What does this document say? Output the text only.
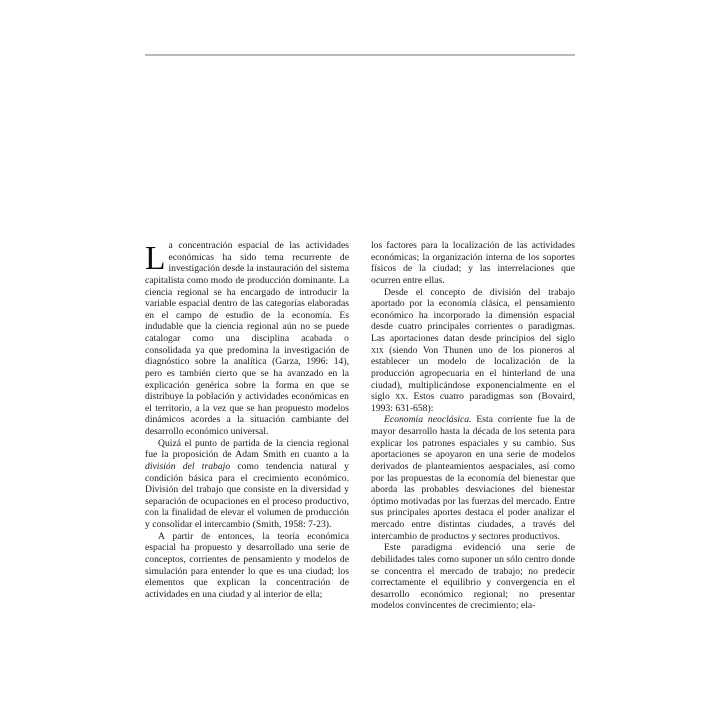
La concentración espacial de las actividades económicas ha sido tema recurrente de investigación desde la instauración del sistema capitalista como modo de producción dominante. La ciencia regional se ha encargado de introducir la variable espacial dentro de las categorías elaboradas en el campo de estudio de la economía. Es indudable que la ciencia regional aún no se puede catalogar como una disciplina acabada o consolidada ya que predomina la investigación de diagnóstico sobre la analítica (Garza, 1996: 14), pero es también cierto que se ha avanzado en la explicación genérica sobre la forma en que se distribuye la población y actividades económicas en el territorio, a la vez que se han propuesto modelos dinámicos acordes a la situación cambiante del desarrollo económico universal.

Quizá el punto de partida de la ciencia regional fue la proposición de Adam Smith en cuanto a la división del trabajo como tendencia natural y condición básica para el crecimiento económico. División del trabajo que consiste en la diversidad y separación de ocupaciones en el proceso productivo, con la finalidad de elevar el volumen de producción y consolidar el intercambio (Smith, 1958: 7-23).

A partir de entonces, la teoría económica espacial ha propuesto y desarrollado una serie de conceptos, corrientes de pensamiento y modelos de simulación para entender lo que es una ciudad; los elementos que explican la concentración de actividades en una ciudad y al interior de ella;

los factores para la localización de las actividades económicas; la organización interna de los soportes físicos de la ciudad; y las interrelaciones que ocurren entre ellas.

Desde el concepto de división del trabajo aportado por la economía clásica, el pensamiento económico ha incorporado la dimensión espacial desde cuatro principales corrientes o paradigmas. Las aportaciones datan desde principios del siglo xix (siendo Von Thunen uno de los pioneros al establecer un modelo de localización de la producción agropecuaria en el hinterland de una ciudad), multiplicándose exponencialmente en el siglo xx. Estos cuatro paradigmas son (Bovaird, 1993: 631-658):

Economía neoclásica. Esta corriente fue la de mayor desarrollo hasta la década de los setenta para explicar los patrones espaciales y su cambio. Sus aportaciones se apoyaron en una serie de modelos derivados de planteamientos aespaciales, así como por las propuestas de la economía del bienestar que aborda las probables desviaciones del bienestar óptimo motivadas por las fuerzas del mercado. Entre sus principales aportes destaca el poder analizar el mercado entre distintas ciudades, a través del intercambio de productos y sectores productivos.

Este paradigma evidenció una serie de debilidades tales como suponer un sólo centro donde se concentra el mercado de trabajo; no predecir correctamente el equilibrio y convergencia en el desarrollo económico regional; no presentar modelos convincentes de crecimiento; ela-
